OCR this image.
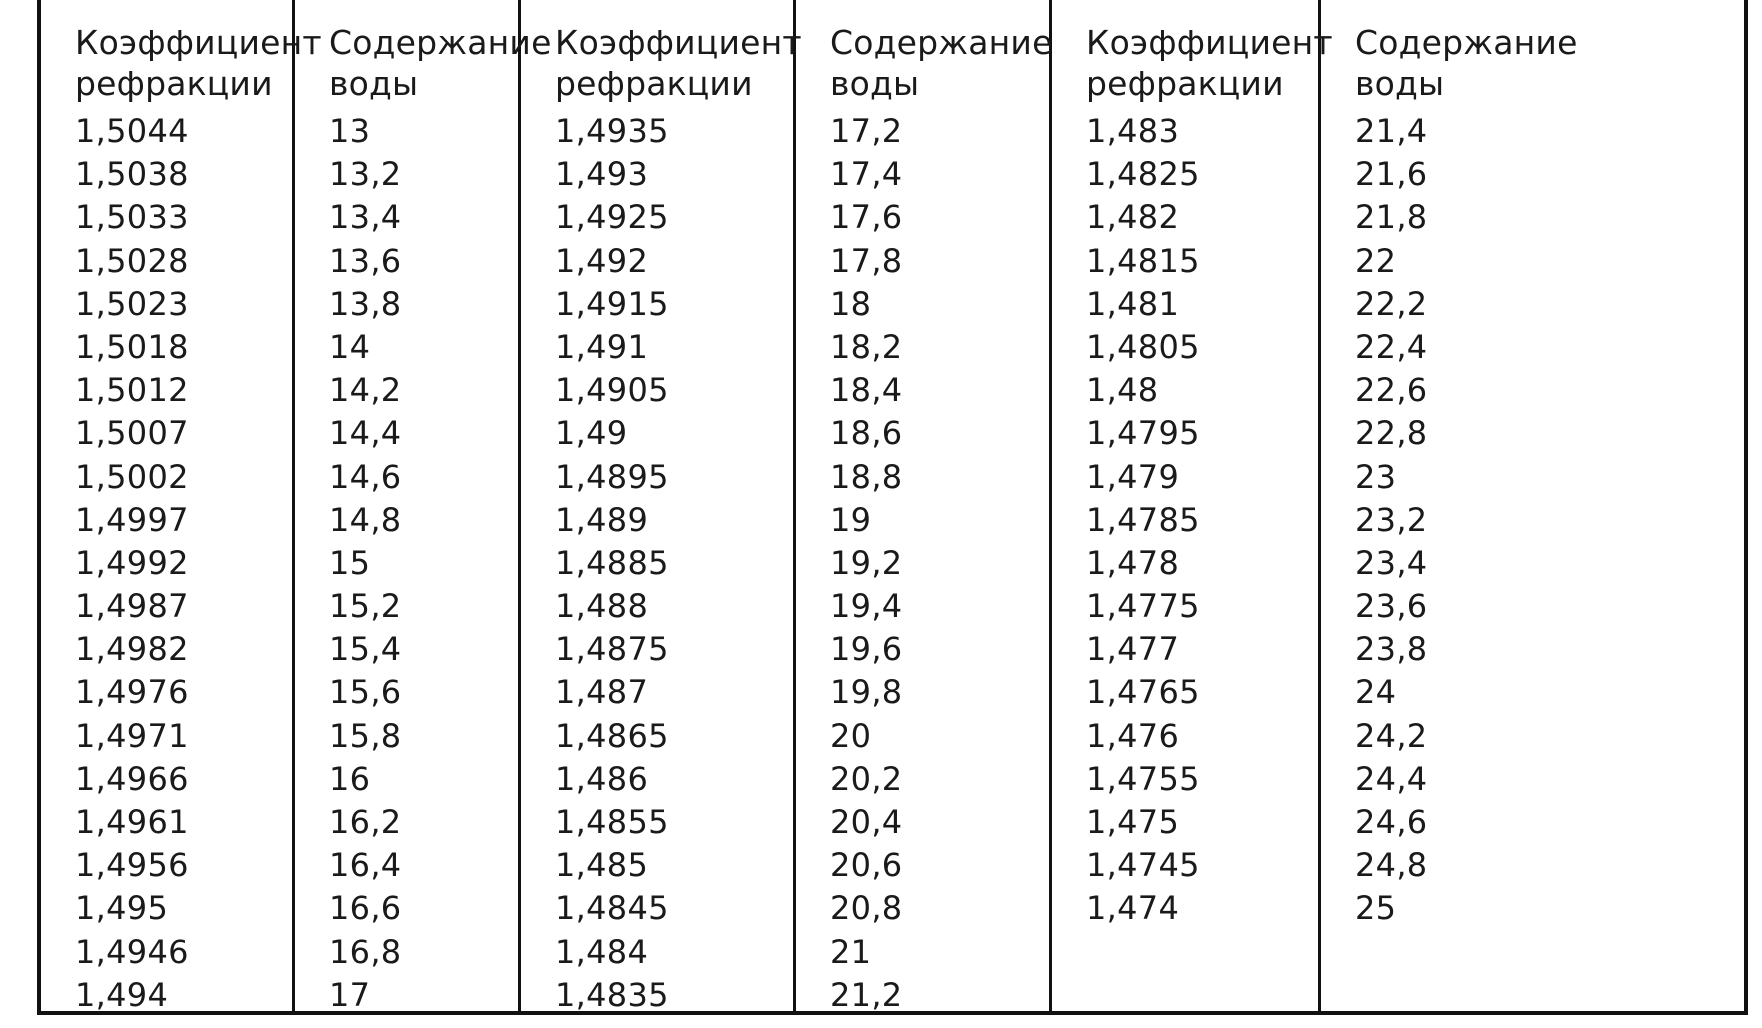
Коэффициент
рефракции
1,5044
1,5038
1,5033
1,5028
1,5023
1,5018
1,5012
1,5007
1,5002
1,4997
1,4992
1,4987
1,4982
1,4976
1,4971
1,4966
1,4961
1,4956
1,495
1,4946
1,494
Содержание
воды
13
13,2
13,4
13,6
13,8
14
14,2
14,4
14,6
14,8
15
15,2
15,4
15,6
15,8
16
16,2
16,4
16,6
16,8
17
Коэффициент
рефракции
1,4935
1,493
1,4925
1,492
1,4915
1,491
1,4905
1,49
1,4895
1,489
1,4885
1,488
1,4875
1,487
1,4865
1,486
1,4855
1,485
1,4845
1,484
1,4835
Содержание
воды
17,2
17,4
17,6
17,8
18
18,2
18,4
18,6
18,8
19
19,2
19,4
19,6
19,8
20
20,2
20,4
20,6
20,8
21
21,2
Коэффициент
рефракции
1,483
1,4825
1,482
1,4815
1,481
1,4805
1,48
1,4795
1,479
1,4785
1,478
1,4775
1,477
1,4765
1,476
1,4755
1,475
1,4745
1,474
Содержание
воды
21,4
21,6
21,8
22
22,2
22,4
22,6
22,8
23
23,2
23,4
23,6
23,8
24
24,2
24,4
24,6
24,8
25
